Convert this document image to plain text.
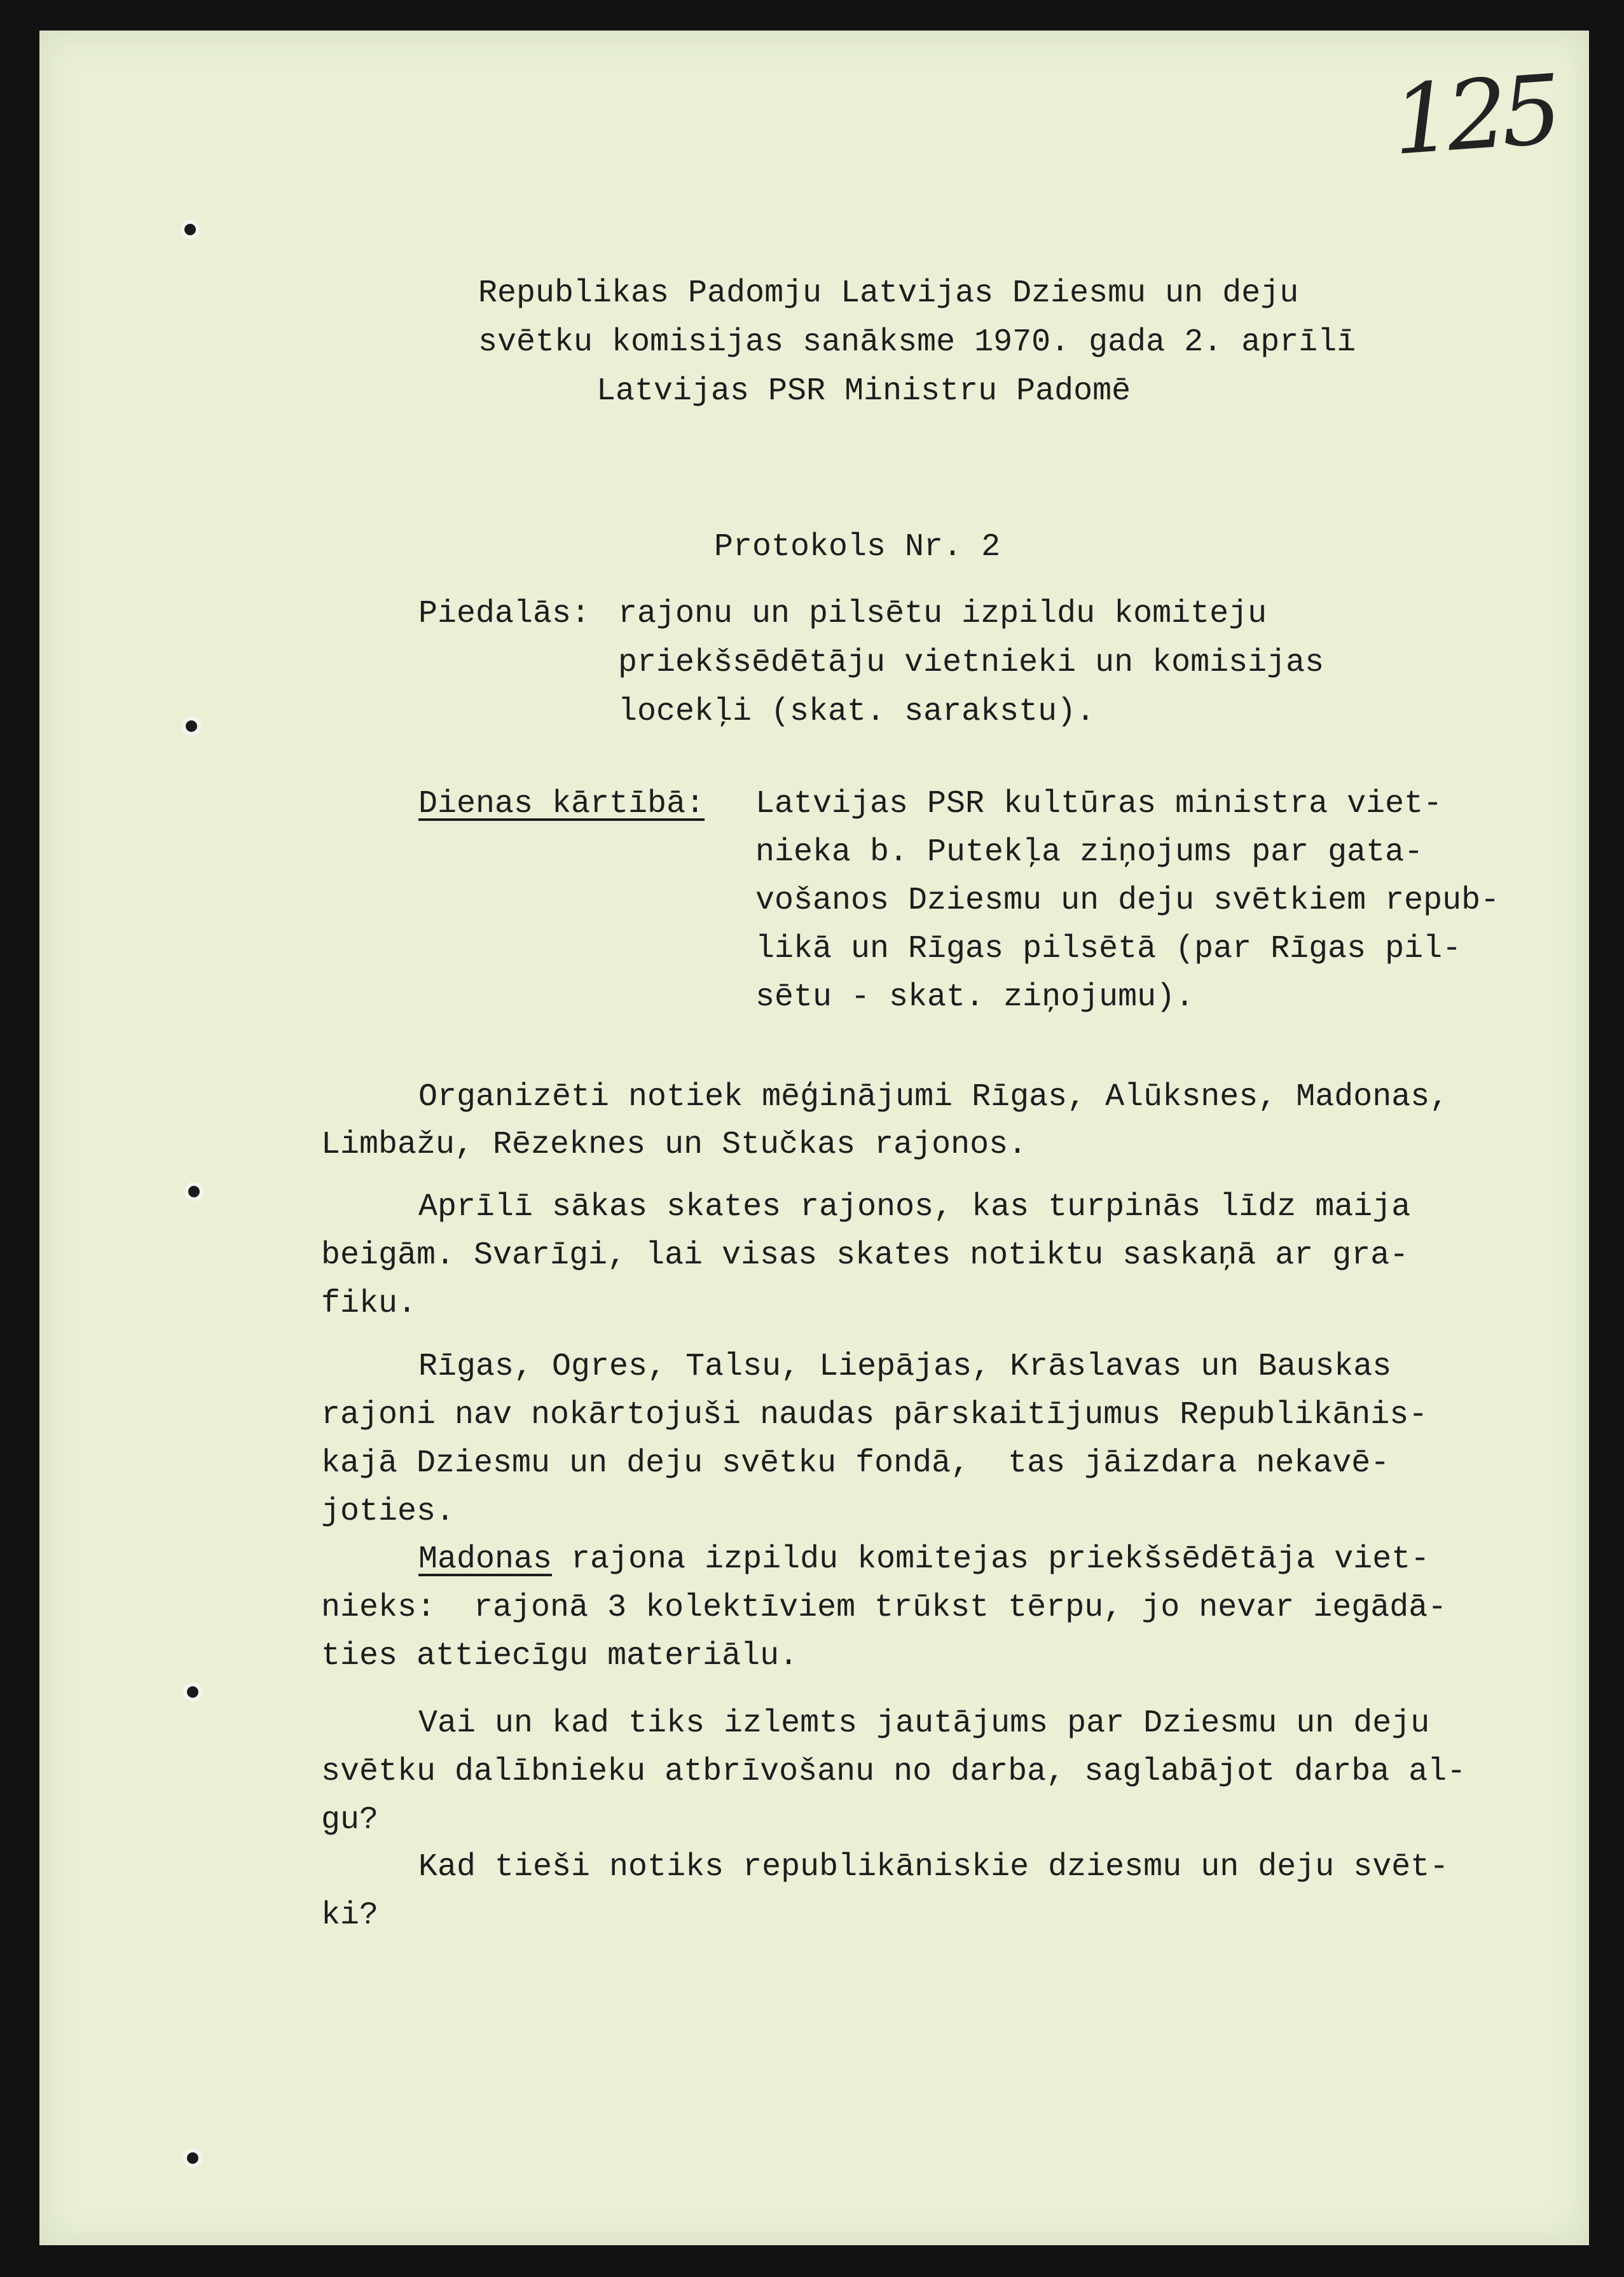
125
Republikas Padomju Latvijas Dziesmu un deju
svētku komisijas sanāksme 1970. gada 2. aprīlī
Latvijas PSR Ministru Padomē
Protokols Nr. 2
Piedalās: rajonu un pilsētu izpildu komiteju
priekšsēdētāju vietnieki un komisijas
locekļi (skat. sarakstu).
Dienas kārtībā: Latvijas PSR kultūras ministra viet-
nieka b. Putekļa ziņojums par gata-
vošanos Dziesmu un deju svētkiem repub-
likā un Rīgas pilsētā (par Rīgas pil-
sētu - skat. ziņojumu).
Organizēti notiek mēģinājumi Rīgas, Alūksnes, Madonas,
Limbažu, Rēzeknes un Stučkas rajonos.
Aprīlī sākas skates rajonos, kas turpinās līdz maija
beigām. Svarīgi, lai visas skates notiktu saskaņā ar gra-
fiku.
Rīgas, Ogres, Talsu, Liepājas, Krāslavas un Bauskas
rajoni nav nokārtojuši naudas pārskaitījumus Republikānis-
kajā Dziesmu un deju svētku fondā,  tas jāizdara nekavē-
joties.
Madonas rajona izpildu komitejas priekšsēdētāja viet-
nieks:  rajonā 3 kolektīviem trūkst tērpu, jo nevar iegādā-
ties attiecīgu materiālu.
Vai un kad tiks izlemts jautājums par Dziesmu un deju
svētku dalībnieku atbrīvošanu no darba, saglabājot darba al-
gu?
Kad tieši notiks republikāniskie dziesmu un deju svēt-
ki?
